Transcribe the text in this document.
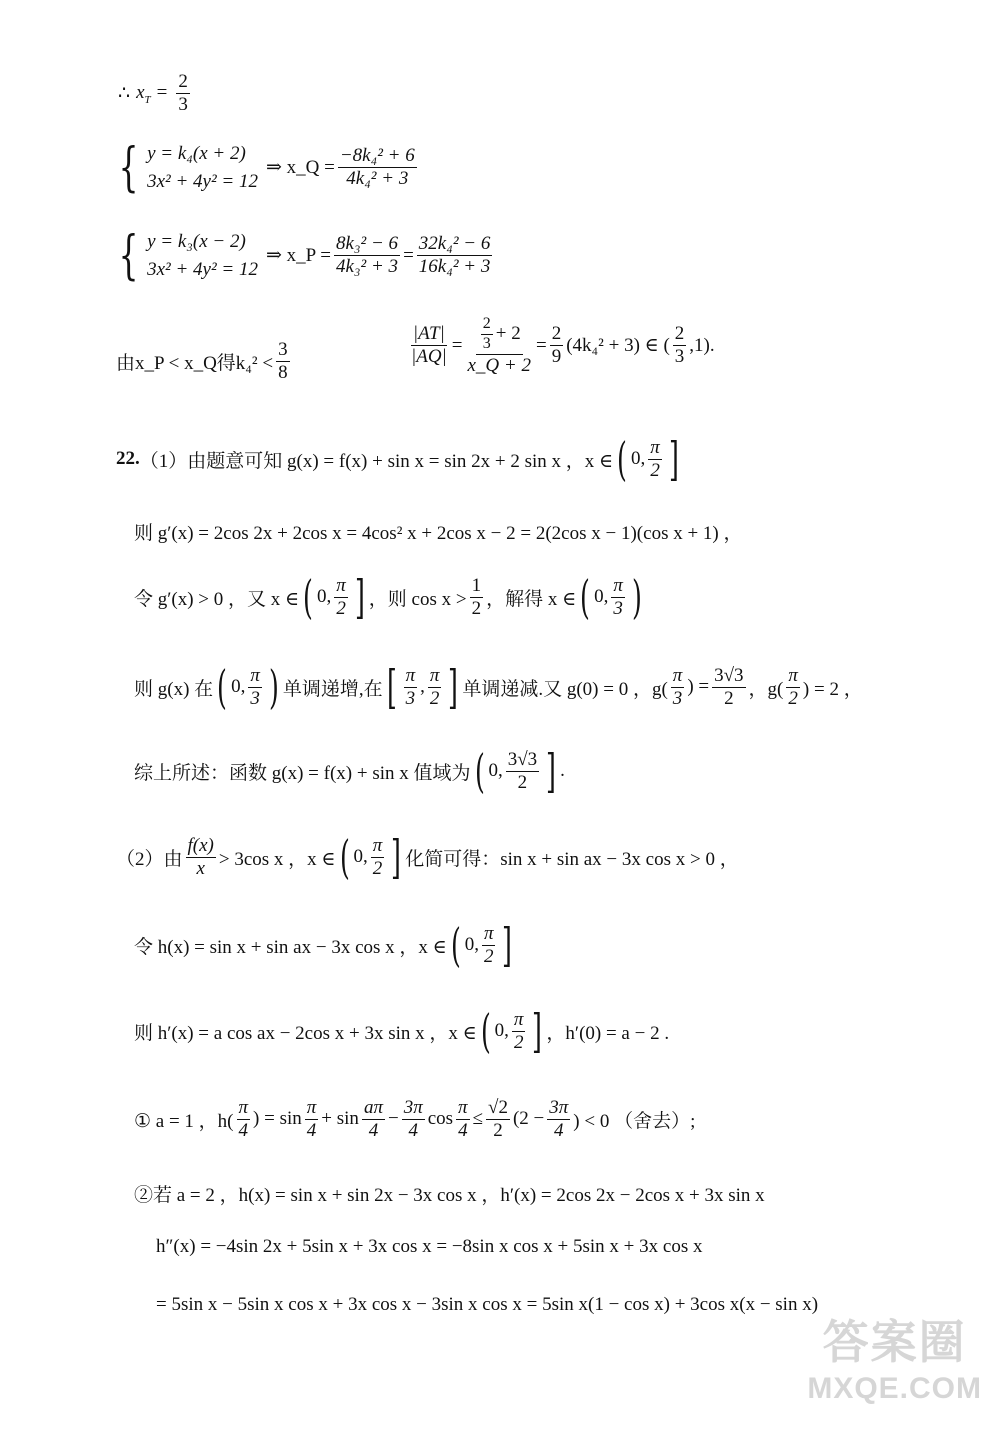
∴ $x_T = \frac{2}{3}$
{ y = k₄(x + 2)
3x² + 4y² = 12
⇒ x_Q = $\frac{\text{−8k₄² + 6}}{\text{4k₄² + 3}}$
{ y = k₃(x − 2)
3x² + 4y² = 12
⇒ x_P = $\frac{\text{8k₃² − 6}}{\text{4k₃² + 3}} = \frac{\text{32k₄² − 6}}{\text{16k₄² + 3}}$
由x_P < x_Q得$k_4^2 < \frac{3}{8}$	$\frac{|AT|}{|AQ|} = \frac{\frac{2}{3} + 2}{x\_Q + 2} = \frac{2}{9} (4k_4^2 + 3)$ ∈ ( $\frac{2}{3} ,1$).
22. （1）由题意可知 g(x) = f(x) + sin x = sin 2x + 2 sin x ，x ∈ ( 0, $\frac{\pi}{2}$ ]
则 g′(x) = 2cos 2x + 2cos x = 4cos² x + 2cos x − 2 = 2(2cos x − 1)(cos x + 1) ，
令 g′(x) > 0 ，又 x ∈ ( 0, $\frac{\pi}{2}$ ] ，则 $\cos x > \frac{1}{2}$ ，解得 x ∈ ( 0, $\frac{\pi}{3}$ )
则 g(x) 在 ( 0, $\frac{\pi}{3}$ ) 单调递增,在 [ $\frac{\pi}{3}$ , $\frac{\pi}{2}$ ] 单调递减.又 g(0) = 0 ，$g( \frac{\pi}{3}$ ) = $\frac{3√3}{2}$ ，$g( \frac{\pi}{2}$ ) = 2 ，
综上所述：函数 g(x) = f(x) + sin x 值域为 ( 0, $\frac{3√3}{2}$ ] .
（2）由 $\frac{f(x)}{x} > 3\cos$ x ，x ∈ ( 0, $\frac{\pi}{2}$ ] 化简可得：sin x + sin ax − 3x cos x > 0 ，
令 h(x) = sin x + sin ax − 3x cos x ，x ∈ ( 0, $\frac{\pi}{2}$ ]
则 h′(x) = a cos ax − 2cos x + 3x sin x ，x ∈ ( 0, $\frac{\pi}{2}$ ] ，h′(0) = a − 2 .
① a = 1 ，$h( \frac{\pi}{4}$ ) = $\sin \frac{\pi}{4} + \sin \frac{a\pi}{4} - \frac{3\pi}{4}$ $\cos \frac{\pi}{4} \le \frac{√2}{2} (2 - \frac{3\pi}{4}$ ) < 0 （舍去）;
②若 a = 2 ，h(x) = sin x + sin 2x − 3x cos x ，h′(x) = 2cos 2x − 2cos x + 3x sin x
h″(x) = −4sin 2x + 5sin x + 3x cos x = −8sin x cos x + 5sin x + 3x cos x
= 5sin x − 5sin x cos x + 3x cos x − 3sin x cos x = 5sin x(1 − cos x) + 3cos x(x − sin x)
答案圈
MXQE.COM
